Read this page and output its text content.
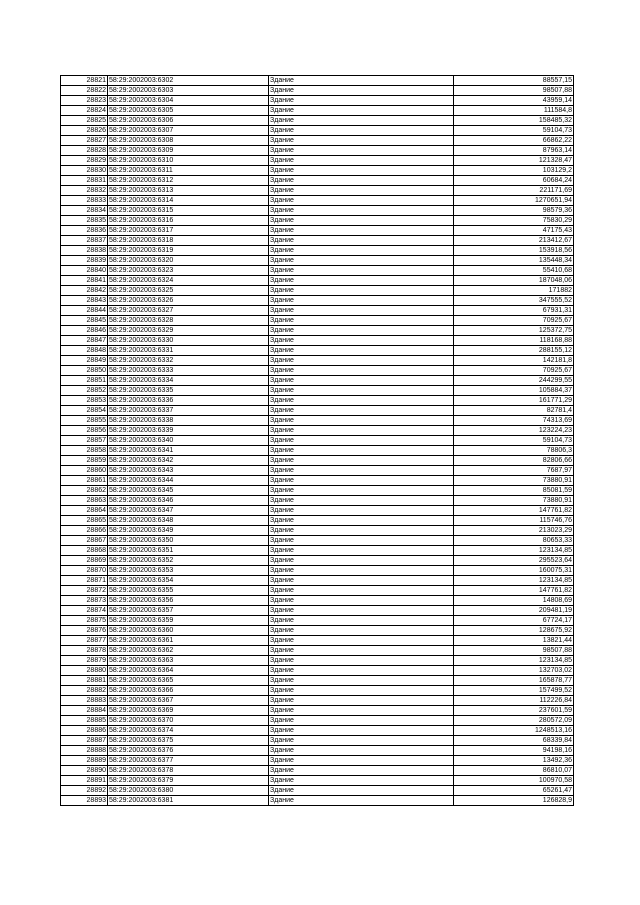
28821	58:29:2002003:6302	Здание	88557,15
28822	58:29:2002003:6303	Здание	98507,88
28823	58:29:2002003:6304	Здание	43959,14
28824	58:29:2002003:6305	Здание	111584,8
28825	58:29:2002003:6306	Здание	158485,32
28826	58:29:2002003:6307	Здание	59104,73
28827	58:29:2002003:6308	Здание	66862,22
28828	58:29:2002003:6309	Здание	87963,14
28829	58:29:2002003:6310	Здание	121328,47
28830	58:29:2002003:6311	Здание	103129,2
28831	58:29:2002003:6312	Здание	60684,24
28832	58:29:2002003:6313	Здание	221171,69
28833	58:29:2002003:6314	Здание	1270651,94
28834	58:29:2002003:6315	Здание	98579,36
28835	58:29:2002003:6316	Здание	75830,29
28836	58:29:2002003:6317	Здание	47175,43
28837	58:29:2002003:6318	Здание	213412,67
28838	58:29:2002003:6319	Здание	153918,56
28839	58:29:2002003:6320	Здание	135448,34
28840	58:29:2002003:6323	Здание	55410,68
28841	58:29:2002003:6324	Здание	187048,06
28842	58:29:2002003:6325	Здание	171882
28843	58:29:2002003:6326	Здание	347555,52
28844	58:29:2002003:6327	Здание	67931,31
28845	58:29:2002003:6328	Здание	70925,67
28846	58:29:2002003:6329	Здание	125372,75
28847	58:29:2002003:6330	Здание	118168,88
28848	58:29:2002003:6331	Здание	288155,12
28849	58:29:2002003:6332	Здание	142181,8
28850	58:29:2002003:6333	Здание	70925,67
28851	58:29:2002003:6334	Здание	244299,55
28852	58:29:2002003:6335	Здание	105884,37
28853	58:29:2002003:6336	Здание	161771,29
28854	58:29:2002003:6337	Здание	82781,4
28855	58:29:2002003:6338	Здание	74313,69
28856	58:29:2002003:6339	Здание	123224,23
28857	58:29:2002003:6340	Здание	59104,73
28858	58:29:2002003:6341	Здание	78806,3
28859	58:29:2002003:6342	Здание	82806,66
28860	58:29:2002003:6343	Здание	7687,97
28861	58:29:2002003:6344	Здание	73880,91
28862	58:29:2002003:6345	Здание	85081,59
28863	58:29:2002003:6346	Здание	73880,91
28864	58:29:2002003:6347	Здание	147761,82
28865	58:29:2002003:6348	Здание	115746,76
28866	58:29:2002003:6349	Здание	213023,29
28867	58:29:2002003:6350	Здание	80653,33
28868	58:29:2002003:6351	Здание	123134,85
28869	58:29:2002003:6352	Здание	295523,64
28870	58:29:2002003:6353	Здание	160075,31
28871	58:29:2002003:6354	Здание	123134,85
28872	58:29:2002003:6355	Здание	147761,82
28873	58:29:2002003:6356	Здание	14808,69
28874	58:29:2002003:6357	Здание	209481,19
28875	58:29:2002003:6359	Здание	67724,17
28876	58:29:2002003:6360	Здание	128675,92
28877	58:29:2002003:6361	Здание	13821,44
28878	58:29:2002003:6362	Здание	98507,88
28879	58:29:2002003:6363	Здание	123134,85
28880	58:29:2002003:6364	Здание	132703,02
28881	58:29:2002003:6365	Здание	165878,77
28882	58:29:2002003:6366	Здание	157499,52
28883	58:29:2002003:6367	Здание	112226,84
28884	58:29:2002003:6369	Здание	237601,59
28885	58:29:2002003:6370	Здание	280572,09
28886	58:29:2002003:6374	Здание	1248513,16
28887	58:29:2002003:6375	Здание	68339,84
28888	58:29:2002003:6376	Здание	94198,16
28889	58:29:2002003:6377	Здание	13492,36
28890	58:29:2002003:6378	Здание	86810,07
28891	58:29:2002003:6379	Здание	100970,58
28892	58:29:2002003:6380	Здание	65261,47
28893	58:29:2002003:6381	Здание	126828,9
